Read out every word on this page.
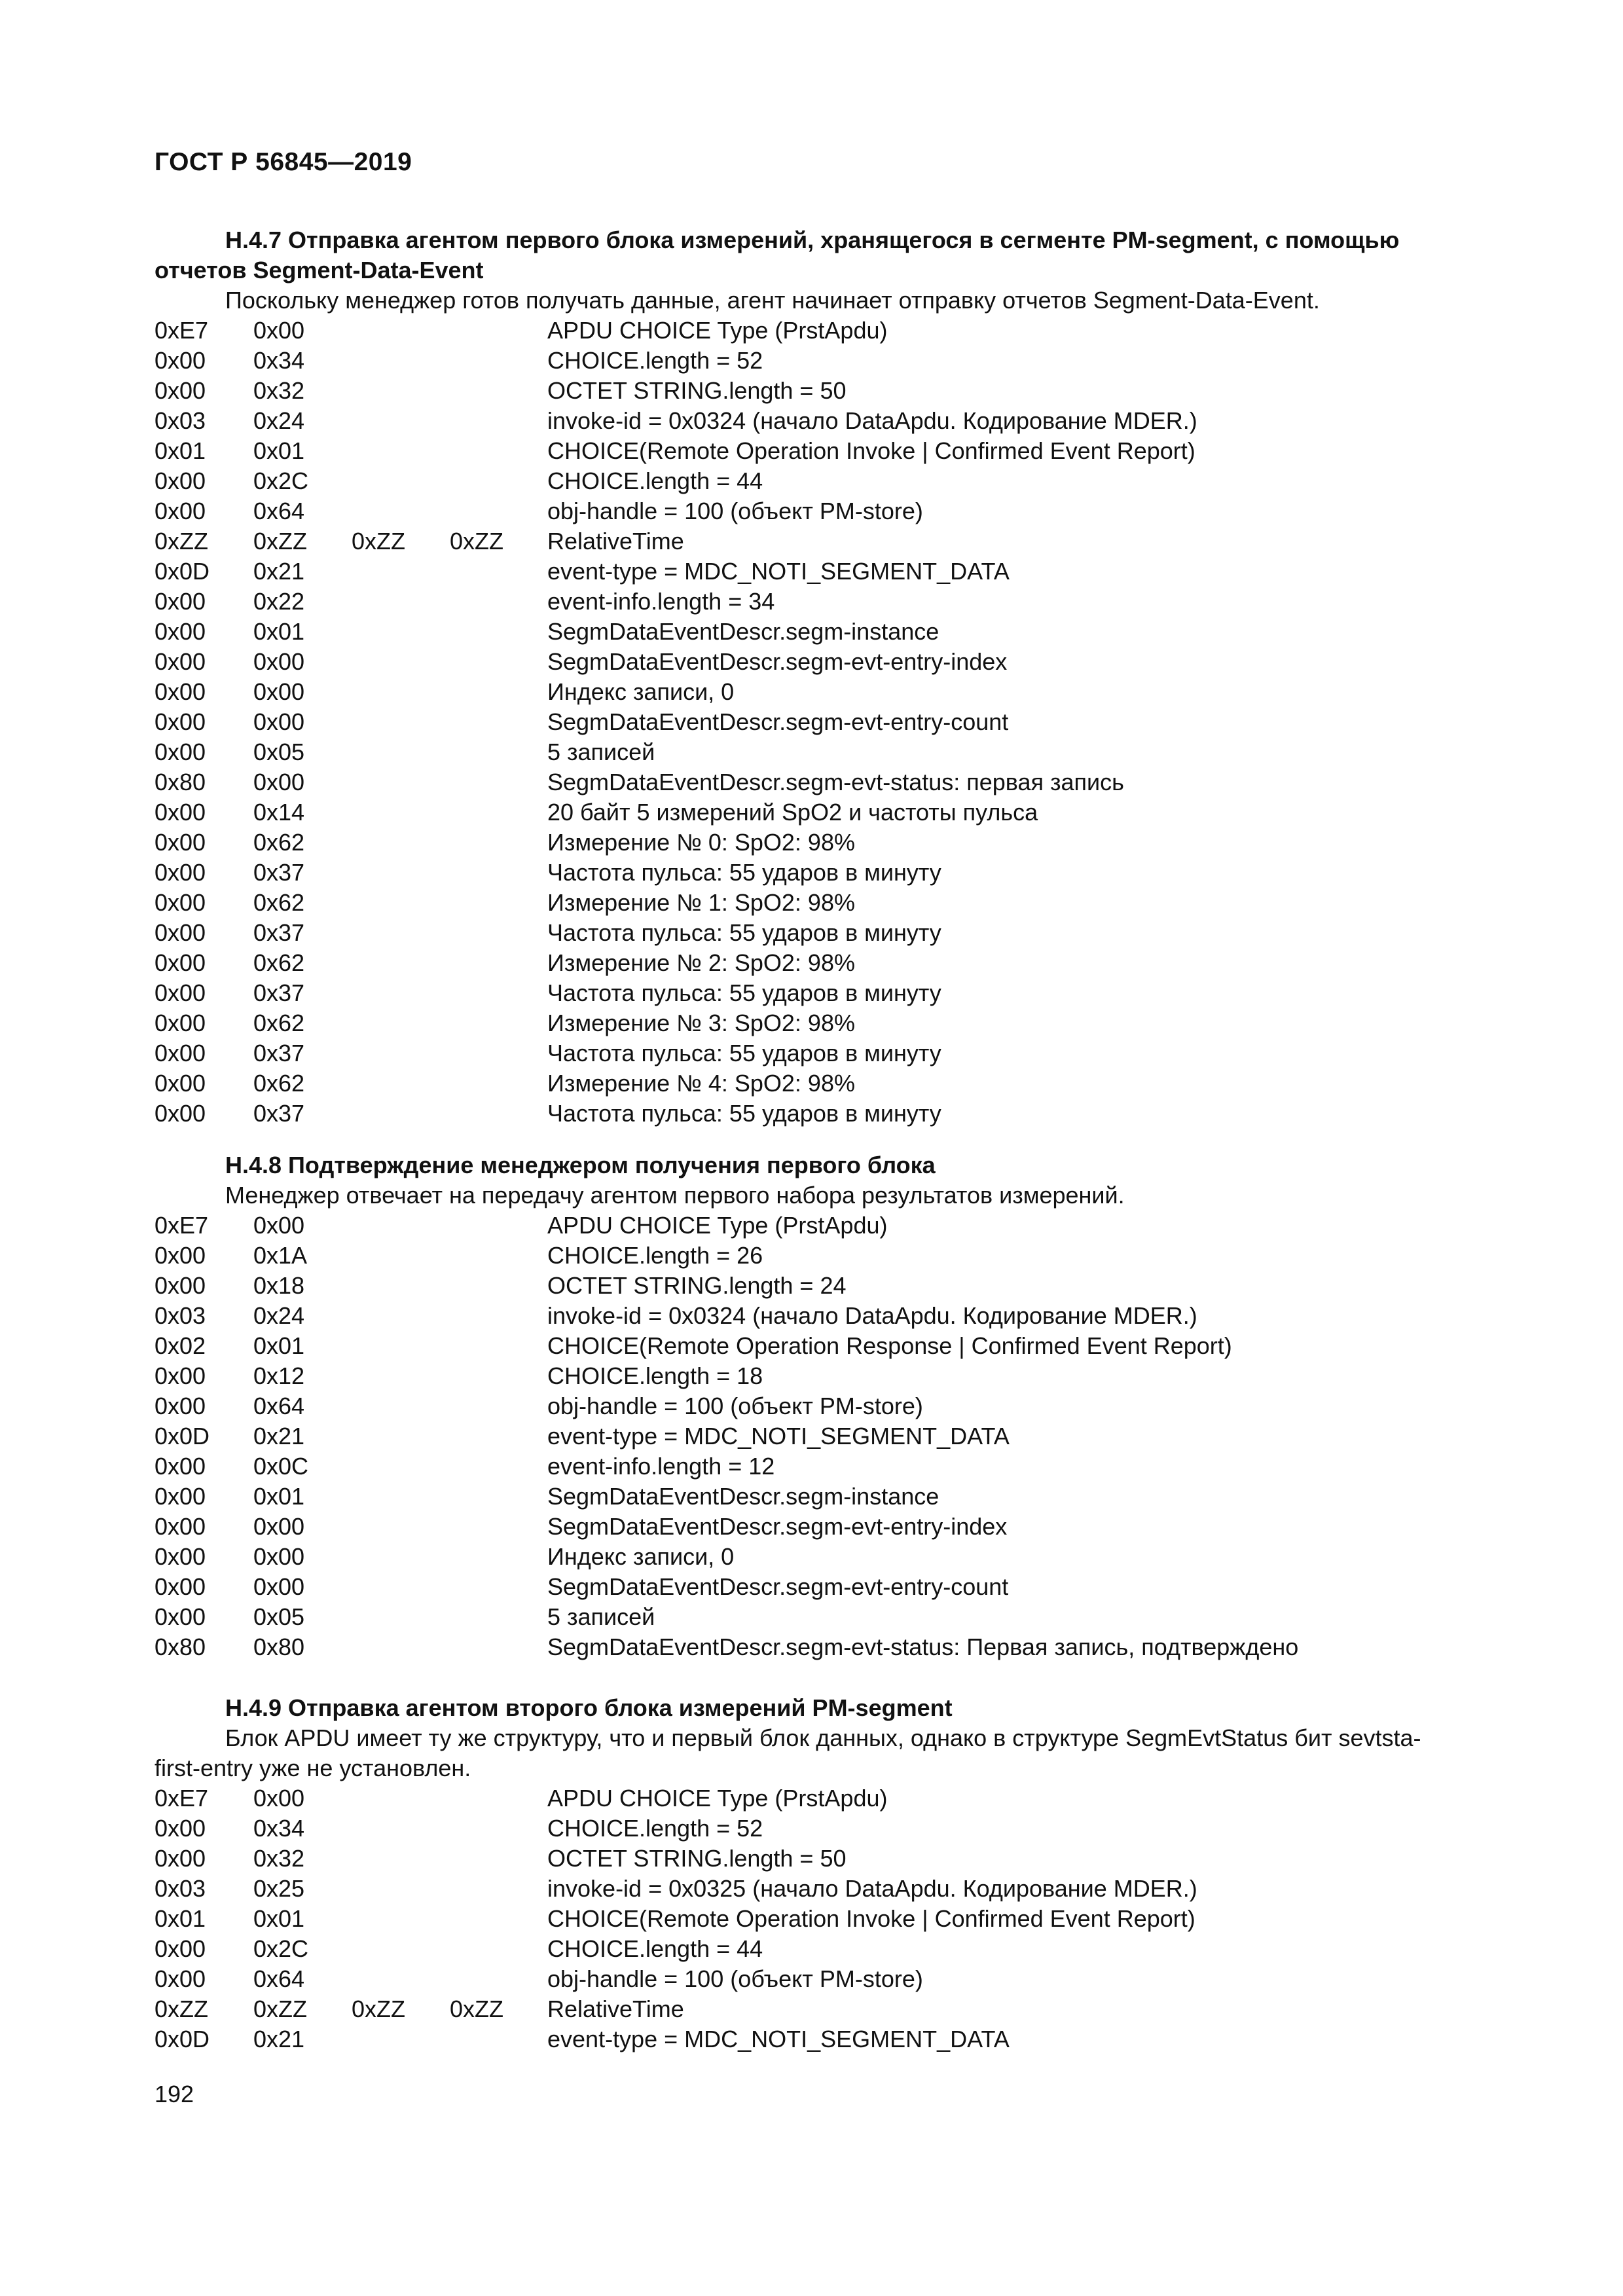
ГОСТ Р 56845—2019
H.4.7 Отправка агентом первого блока измерений, хранящегося в сегменте PM-segment, с помощью отчетов Segment-Data-Event

Поскольку менеджер готов получать данные, агент начинает отправку отчетов Segment-Data-Event.

0xE7 0x00	APDU CHOICE Type (PrstApdu)
0x00 0x34	CHOICE.length = 52
0x00 0x32	OCTET STRING.length = 50
0x03 0x24	invoke-id = 0x0324 (начало DataApdu. Кодирование MDER.)
0x01 0x01	CHOICE(Remote Operation Invoke | Confirmed Event Report)
0x00 0x2C	CHOICE.length = 44
0x00 0x64	obj-handle = 100 (объект PM-store)
0xZZ 0xZZ 0xZZ 0xZZ RelativeTime
0x0D 0x21	event-type = MDC_NOTI_SEGMENT_DATA
0x00 0x22	event-info.length = 34
0x00 0x01	SegmDataEventDescr.segm-instance
0x00 0x00	SegmDataEventDescr.segm-evt-entry-index
0x00 0x00	Индекс записи, 0
0x00 0x00	SegmDataEventDescr.segm-evt-entry-count
0x00 0x05	5 записей
0x80 0x00	SegmDataEventDescr.segm-evt-status: первая запись
0x00 0x14	20 байт 5 измерений SpO2 и частоты пульса
0x00 0x62	Измерение № 0: SpO2: 98%
0x00 0x37	Частота пульса: 55 ударов в минуту
0x00 0x62	Измерение № 1: SpO2: 98%
0x00 0x37	Частота пульса: 55 ударов в минуту
0x00 0x62	Измерение № 2: SpO2: 98%
0x00 0x37	Частота пульса: 55 ударов в минуту
0x00 0x62	Измерение № 3: SpO2: 98%
0x00 0x37	Частота пульса: 55 ударов в минуту
0x00 0x62	Измерение № 4: SpO2: 98%
0x00 0x37	Частота пульса: 55 ударов в минуту
H.4.8 Подтверждение менеджером получения первого блока

Менеджер отвечает на передачу агентом первого набора результатов измерений.

0xE7 0x00	APDU CHOICE Type (PrstApdu)
0x00 0x1A	CHOICE.length = 26
0x00 0x18	OCTET STRING.length = 24
0x03 0x24	invoke-id = 0x0324 (начало DataApdu. Кодирование MDER.)
0x02 0x01	CHOICE(Remote Operation Response | Confirmed Event Report)
0x00 0x12	CHOICE.length = 18
0x00 0x64	obj-handle = 100 (объект PM-store)
0x0D 0x21	event-type = MDC_NOTI_SEGMENT_DATA
0x00 0x0C	event-info.length = 12
0x00 0x01	SegmDataEventDescr.segm-instance
0x00 0x00	SegmDataEventDescr.segm-evt-entry-index
0x00 0x00	Индекс записи, 0
0x00 0x00	SegmDataEventDescr.segm-evt-entry-count
0x00 0x05	5 записей
0x80 0x80	SegmDataEventDescr.segm-evt-status: Первая запись, подтверждено
H.4.9 Отправка агентом второго блока измерений PM-segment

Блок APDU имеет ту же структуру, что и первый блок данных, однако в структуре SegmEvtStatus бит sevtsta-first-entry уже не установлен.

0xE7 0x00	APDU CHOICE Type (PrstApdu)
0x00 0x34	CHOICE.length = 52
0x00 0x32	OCTET STRING.length = 50
0x03 0x25	invoke-id = 0x0325 (начало DataApdu. Кодирование MDER.)
0x01 0x01	CHOICE(Remote Operation Invoke | Confirmed Event Report)
0x00 0x2C	CHOICE.length = 44
0x00 0x64	obj-handle = 100 (объект PM-store)
0xZZ 0xZZ 0xZZ 0xZZ RelativeTime
0x0D 0x21	event-type = MDC_NOTI_SEGMENT_DATA

192
